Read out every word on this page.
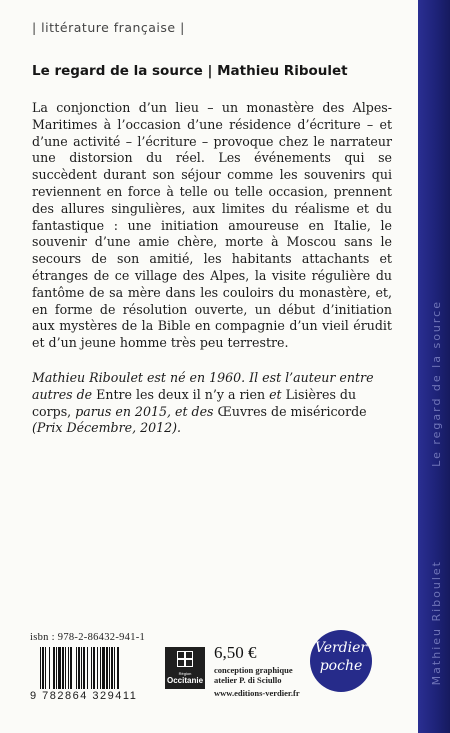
Mathieu Riboulet
Le regard de la source
| littérature française |
Le regard de la source | Mathieu Riboulet

La conjonction d’un lieu – un monastère des Alpes-Maritimes à l’occasion d’une résidence d’écriture – et d’une activité – l’écriture – provoque chez le narrateur une distorsion du réel. Les événements qui se succèdent durant son séjour comme les souvenirs qui reviennent en force à telle ou telle occasion, prennent des allures singulières, aux limites du réalisme et du fantastique : une initiation amoureuse en Italie, le souvenir d’une amie chère, morte à Moscou sans le secours de son amitié, les habitants attachants et étranges de ce village des Alpes, la visite régulière du fantôme de sa mère dans les couloirs du monastère, et, en forme de résolution ouverte, un début d’initiation aux mystères de la Bible en compagnie d’un vieil érudit et d’un jeune homme très peu terrestre.

Mathieu Riboulet est né en 1960. Il est l’auteur entre autres de Entre les deux il n’y a rien et Lisières du corps, parus en 2015, et des Œuvres de miséricorde (Prix Décembre, 2012).
isbn : 978-2-86432-941-1
9 782864 329411
Région
Occitanie
6,50 €
conception graphique
atelier P. di Sciullo
www.editions-verdier.fr
Verdier
poche
